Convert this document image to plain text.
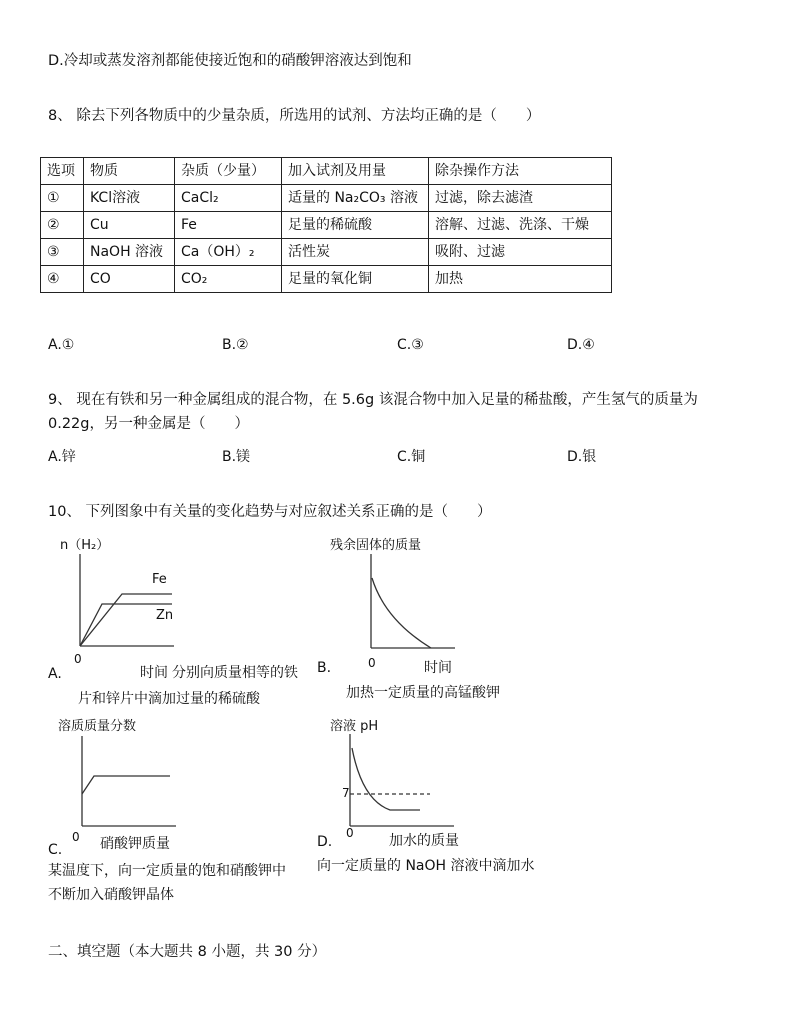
D.冷却或蒸发溶剂都能使接近饱和的硝酸钾溶液达到饱和
8、 除去下列各物质中的少量杂质，所选用的试剂、方法均正确的是（　　）
选项	物质	杂质（少量）	加入试剂及用量	除杂操作方法
①	KCl溶液	CaCl₂	适量的 Na₂CO₃ 溶液	过滤，除去滤渣
②	Cu	Fe	足量的稀硫酸	溶解、过滤、洗涤、干燥
③	NaOH 溶液	Ca（OH）₂	活性炭	吸附、过滤
④	CO	CO₂	足量的氧化铜	加热
A.①	B.②	C.③	D.④
9、 现在有铁和另一种金属组成的混合物，在 5.6g 该混合物中加入足量的稀盐酸，产生氢气的质量为
0.22g，另一种金属是（　　）
A.锌	B.镁	C.铜	D.银
10、 下列图象中有关量的变化趋势与对应叙述关系正确的是（　　）
n（H₂）
Fe
Zn
0
A.	时间 分别向质量相等的铁
片和锌片中滴加过量的稀硫酸
残余固体的质量
B.	0	时间
加热一定质量的高锰酸钾
溶质质量分数
0 硝酸钾质量
C.
某温度下，向一定质量的饱和硝酸钾中
不断加入硝酸钾晶体
溶液 pH
7
0	加水的质量
D.
向一定质量的 NaOH 溶液中滴加水
二、填空题（本大题共 8 小题，共 30 分）
